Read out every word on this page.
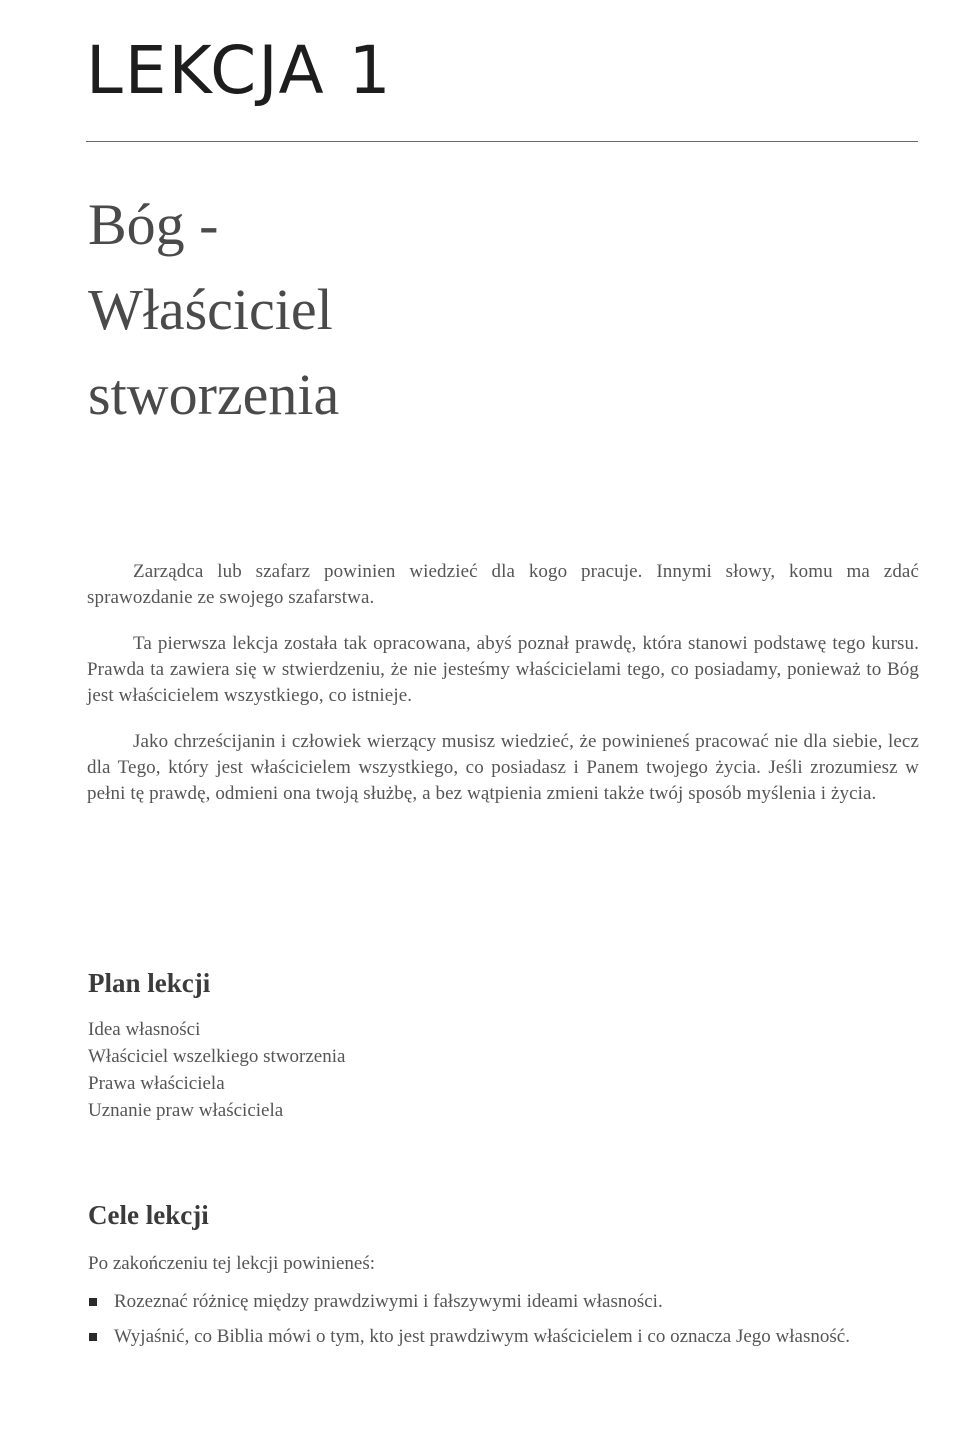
LEKCJA 1
Bóg -
Właściciel
stworzenia

Zarządca lub szafarz powinien wiedzieć dla kogo pracuje. Innymi słowy, komu ma zdać sprawozdanie ze swojego szafarstwa.

Ta pierwsza lekcja została tak opracowana, abyś poznał prawdę, która stanowi podstawę tego kursu. Prawda ta zawiera się w stwierdzeniu, że nie jesteśmy właścicielami tego, co posiadamy, ponieważ to Bóg jest właścicielem wszystkiego, co istnieje.

Jako chrześcijanin i człowiek wierzący musisz wiedzieć, że powinieneś pracować nie dla siebie, lecz dla Tego, który jest właścicielem wszystkiego, co posiadasz i Panem twojego życia. Jeśli zrozumiesz w pełni tę prawdę, odmieni ona twoją służbę, a bez wątpienia zmieni także twój sposób myślenia i życia.

Plan lekcji
Idea własności
Właściciel wszelkiego stworzenia
Prawa właściciela
Uznanie praw właściciela
Cele lekcji

Po zakończeniu tej lekcji powinieneś:

Rozeznać różnicę między prawdziwymi i fałszywymi ideami własności.
Wyjaśnić, co Biblia mówi o tym, kto jest prawdziwym właścicielem i co oznacza Jego własność.
